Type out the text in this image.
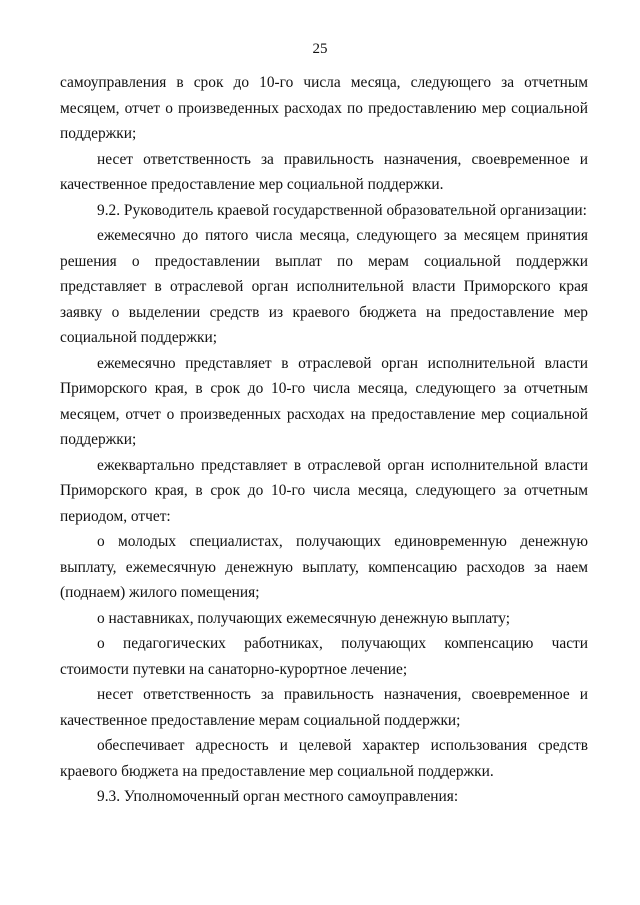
25

самоуправления в срок до 10-го числа месяца, следующего за отчетным месяцем, отчет о произведенных расходах по предоставлению мер социальной поддержки;

несет ответственность за правильность назначения, своевременное и качественное предоставление мер социальной поддержки.

9.2. Руководитель краевой государственной образовательной организации:

ежемесячно до пятого числа месяца, следующего за месяцем принятия решения о предоставлении выплат по мерам социальной поддержки представляет в отраслевой орган исполнительной власти Приморского края заявку о выделении средств из краевого бюджета на предоставление мер социальной поддержки;

ежемесячно представляет в отраслевой орган исполнительной власти Приморского края, в срок до 10-го числа месяца, следующего за отчетным месяцем, отчет о произведенных расходах на предоставление мер социальной поддержки;

ежеквартально представляет в отраслевой орган исполнительной власти Приморского края, в срок до 10-го числа месяца, следующего за отчетным периодом, отчет:

о молодых специалистах, получающих единовременную денежную выплату, ежемесячную денежную выплату, компенсацию расходов за наем (поднаем) жилого помещения;

о наставниках, получающих ежемесячную денежную выплату;

о педагогических работниках, получающих компенсацию части стоимости путевки на санаторно-курортное лечение;

несет ответственность за правильность назначения, своевременное и качественное предоставление мерам социальной поддержки;

обеспечивает адресность и целевой характер использования средств краевого бюджета на предоставление мер социальной поддержки.

9.3. Уполномоченный орган местного самоуправления:
